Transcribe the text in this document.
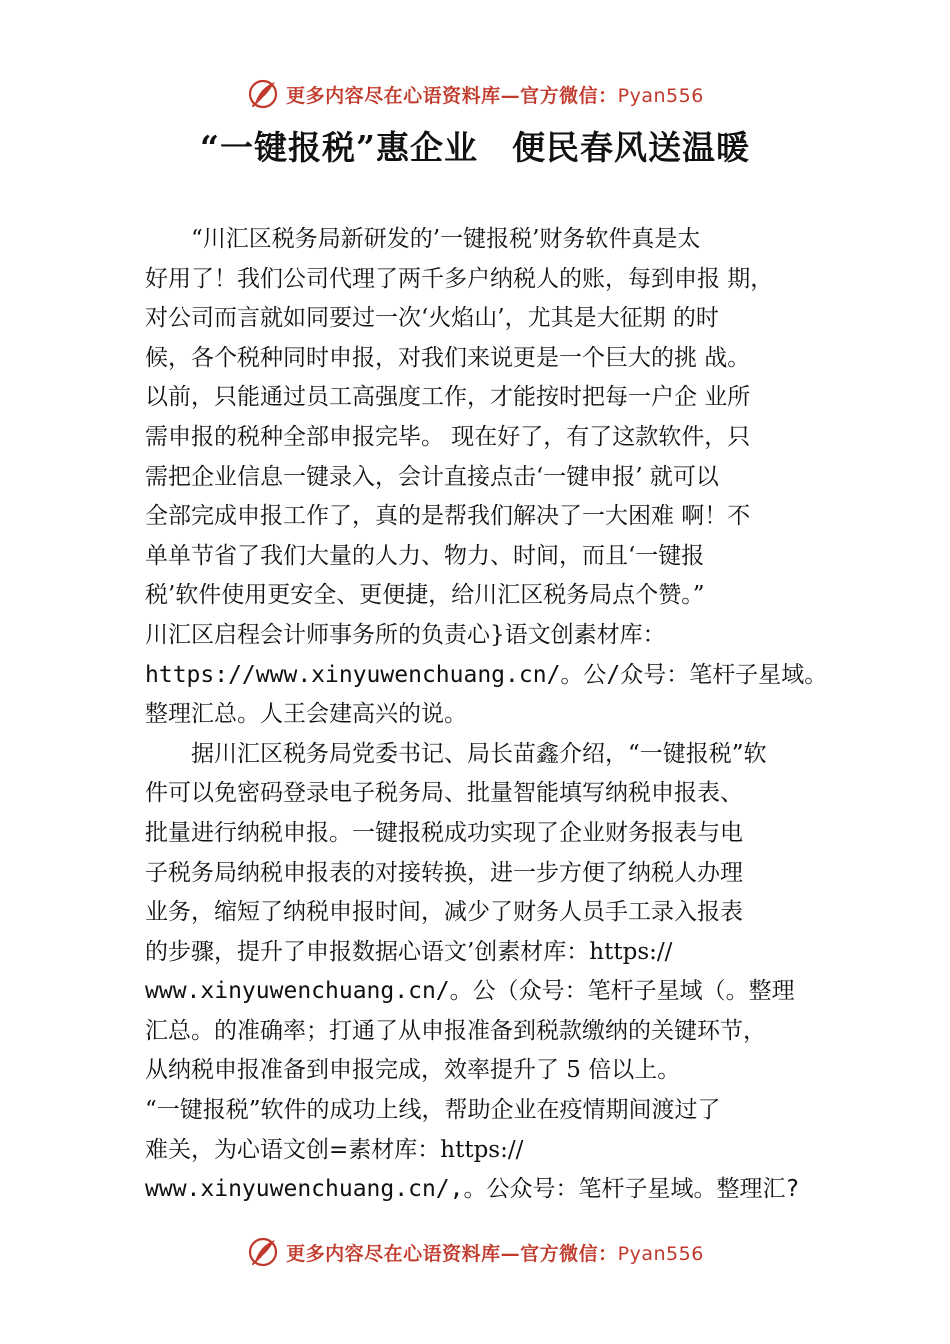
更多内容尽在心语资料库—官方微信：Pyan556
“一键报税”惠企业　便民春风送温暖
“川汇区税务局新研发的’一键报税’财务软件真是太
好用了！我们公司代理了两千多户纳税人的账，每到申报 期，
对公司而言就如同要过一次‘火焰山’，尤其是大征期 的时
候，各个税种同时申报，对我们来说更是一个巨大的挑 战。
以前，只能通过员工高强度工作，才能按时把每一户企 业所
需申报的税种全部申报完毕。 现在好了，有了这款软件，只
需把企业信息一键录入，会计直接点击‘一键申报’ 就可以
全部完成申报工作了，真的是帮我们解决了一大困难 啊！不
单单节省了我们大量的人力、物力、时间，而且‘一键报
税’软件使用更安全、更便捷，给川汇区税务局点个赞。”
川汇区启程会计师事务所的负责心}语文创素材库：
https://www.xinyuwenchuang.cn/。公/众号：笔杆子星域。
整理汇总。人王会建高兴的说。
据川汇区税务局党委书记、局长苗鑫介绍，“一键报税”软
件可以免密码登录电子税务局、批量智能填写纳税申报表、
批量进行纳税申报。一键报税成功实现了企业财务报表与电
子税务局纳税申报表的对接转换，进一步方便了纳税人办理
业务，缩短了纳税申报时间，减少了财务人员手工录入报表
的步骤，提升了申报数据心语文’创素材库：https://
www.xinyuwenchuang.cn/。公（众号：笔杆子星域（。整理
汇总。的准确率；打通了从申报准备到税款缴纳的关键环节，
从纳税申报准备到申报完成，效率提升了 5 倍以上。
“一键报税”软件的成功上线，帮助企业在疫情期间渡过了
难关，为心语文创=素材库：https://
www.xinyuwenchuang.cn/,。公众号：笔杆子星域。整理汇?
更多内容尽在心语资料库—官方微信：Pyan556
